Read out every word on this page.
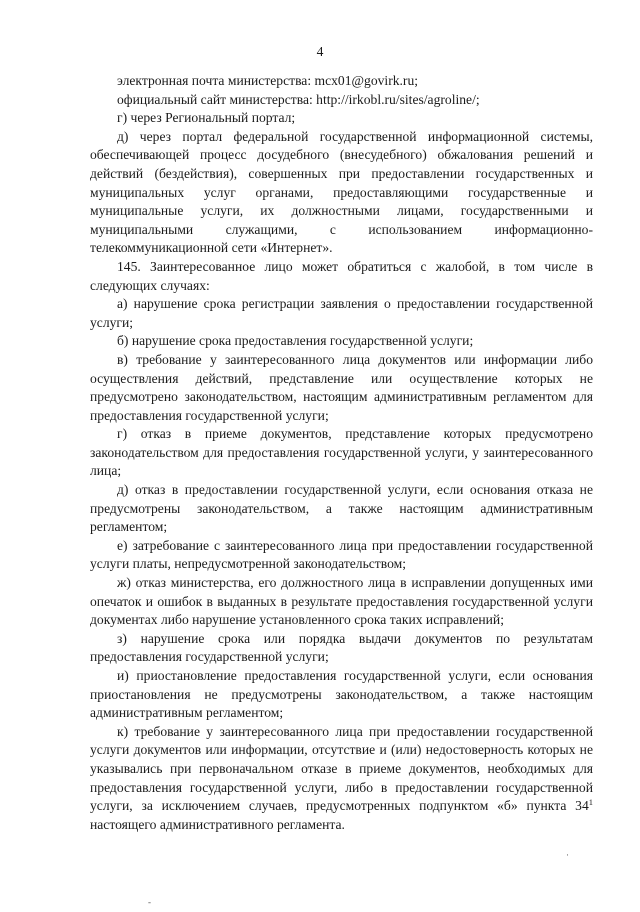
4

электронная почта министерства: mcx01@govirk.ru;

официальный сайт министерства: http://irkobl.ru/sites/agroline/;

г) через Региональный портал;

д) через портал федеральной государственной информационной системы, обеспечивающей процесс досудебного (внесудебного) обжалования решений и действий (бездействия), совершенных при предоставлении государственных и муниципальных услуг органами, предоставляющими государственные и муниципальные услуги, их должностными лицами, государственными и муниципальными служащими, с использованием информационно-телекоммуникационной сети «Интернет».

145. Заинтересованное лицо может обратиться с жалобой, в том числе в следующих случаях:

а) нарушение срока регистрации заявления о предоставлении государственной услуги;

б) нарушение срока предоставления государственной услуги;

в) требование у заинтересованного лица документов или информации либо осуществления действий, представление или осуществление которых не предусмотрено законодательством, настоящим административным регламентом для предоставления государственной услуги;

г) отказ в приеме документов, представление которых предусмотрено законодательством для предоставления государственной услуги, у заинтересованного лица;

д) отказ в предоставлении государственной услуги, если основания отказа не предусмотрены законодательством, а также настоящим административным регламентом;

е) затребование с заинтересованного лица при предоставлении государственной услуги платы, непредусмотренной законодательством;

ж) отказ министерства, его должностного лица в исправлении допущенных ими опечаток и ошибок в выданных в результате предоставления государственной услуги документах либо нарушение установленного срока таких исправлений;

з) нарушение срока или порядка выдачи документов по результатам предоставления государственной услуги;

и) приостановление предоставления государственной услуги, если основания приостановления не предусмотрены законодательством, а также настоящим административным регламентом;

к) требование у заинтересованного лица при предоставлении государственной услуги документов или информации, отсутствие и (или) недостоверность которых не указывались при первоначальном отказе в приеме документов, необходимых для предоставления государственной услуги, либо в предоставлении государственной услуги, за исключением случаев, предусмотренных подпунктом «б» пункта $34^1$ настоящего административного регламента.

·
-
